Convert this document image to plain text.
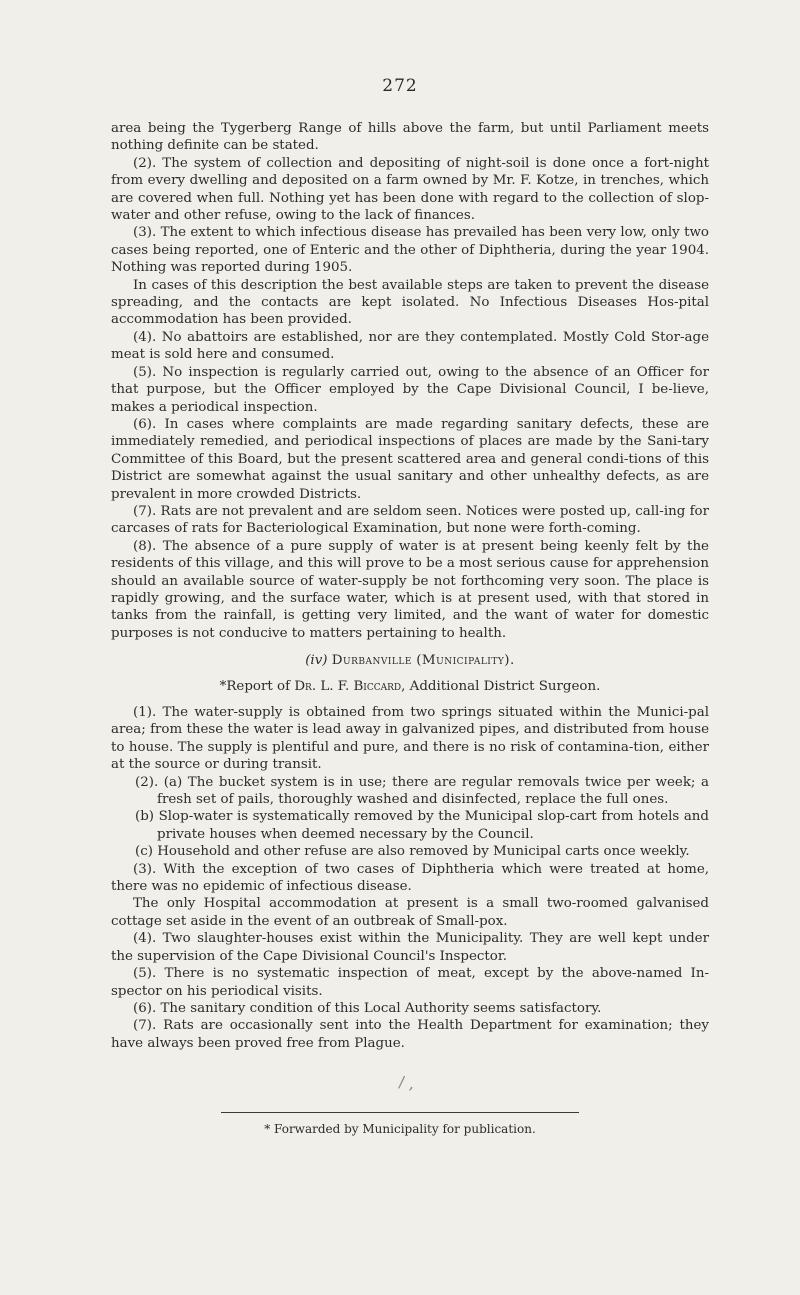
272

area being the Tygerberg Range of hills above the farm, but until Parliament meets nothing definite can be stated.

(2). The system of collection and depositing of night-soil is done once a fort-night from every dwelling and deposited on a farm owned by Mr. F. Kotze, in trenches, which are covered when full. Nothing yet has been done with regard to the collection of slop-water and other refuse, owing to the lack of finances.

(3). The extent to which infectious disease has prevailed has been very low, only two cases being reported, one of Enteric and the other of Diphtheria, during the year 1904. Nothing was reported during 1905.

In cases of this description the best available steps are taken to prevent the disease spreading, and the contacts are kept isolated. No Infectious Diseases Hos-pital accommodation has been provided.

(4). No abattoirs are established, nor are they contemplated. Mostly Cold Stor-age meat is sold here and consumed.

(5). No inspection is regularly carried out, owing to the absence of an Officer for that purpose, but the Officer employed by the Cape Divisional Council, I be-lieve, makes a periodical inspection.

(6). In cases where complaints are made regarding sanitary defects, these are immediately remedied, and periodical inspections of places are made by the Sani-tary Committee of this Board, but the present scattered area and general condi-tions of this District are somewhat against the usual sanitary and other unhealthy defects, as are prevalent in more crowded Districts.

(7). Rats are not prevalent and are seldom seen. Notices were posted up, call-ing for carcases of rats for Bacteriological Examination, but none were forth-coming.

(8). The absence of a pure supply of water is at present being keenly felt by the residents of this village, and this will prove to be a most serious cause for apprehension should an available source of water-supply be not forthcoming very soon. The place is rapidly growing, and the surface water, which is at present used, with that stored in tanks from the rainfall, is getting very limited, and the want of water for domestic purposes is not conducive to matters pertaining to health.

(iv) Durbanville (Municipality).
*Report of Dr. L. F. Biccard, Additional District Surgeon.

(1). The water-supply is obtained from two springs situated within the Munici-pal area; from these the water is lead away in galvanized pipes, and distributed from house to house. The supply is plentiful and pure, and there is no risk of contamina-tion, either at the source or during transit.

(2). (a) The bucket system is in use; there are regular removals twice per week; a fresh set of pails, thoroughly washed and disinfected, replace the full ones.

(b) Slop-water is systematically removed by the Municipal slop-cart from hotels and private houses when deemed necessary by the Council.

(c) Household and other refuse are also removed by Municipal carts once weekly.

(3). With the exception of two cases of Diphtheria which were treated at home, there was no epidemic of infectious disease.

The only Hospital accommodation at present is a small two-roomed galvanised cottage set aside in the event of an outbreak of Small-pox.

(4). Two slaughter-houses exist within the Municipality. They are well kept under the supervision of the Cape Divisional Council's Inspector.

(5). There is no systematic inspection of meat, except by the above-named In-spector on his periodical visits.

(6). The sanitary condition of this Local Authority seems satisfactory.

(7). Rats are occasionally sent into the Health Department for examination; they have always been proved free from Plague.

/ ,
* Forwarded by Municipality for publication.
